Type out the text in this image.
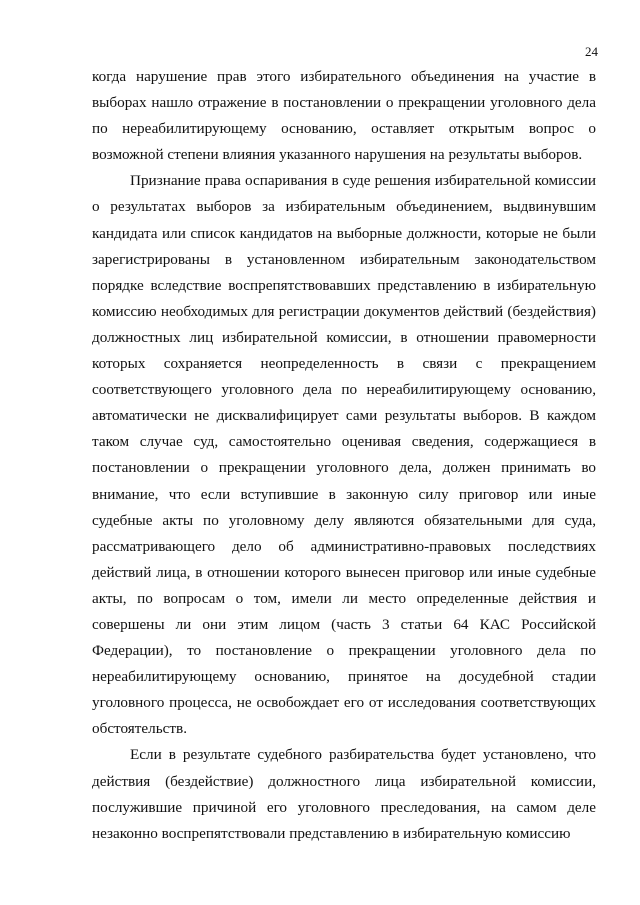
24

когда нарушение прав этого избирательного объединения на участие в выборах нашло отражение в постановлении о прекращении уголовного дела по нереабилитирующему основанию, оставляет открытым вопрос о возможной степени влияния указанного нарушения на результаты выборов.

Признание права оспаривания в суде решения избирательной комиссии о результатах выборов за избирательным объединением, выдвинувшим кандидата или список кандидатов на выборные должности, которые не были зарегистрированы в установленном избирательным законодательством порядке вследствие воспрепятствовавших представлению в избирательную комиссию необходимых для регистрации документов действий (бездействия) должностных лиц избирательной комиссии, в отношении правомерности которых сохраняется неопределенность в связи с прекращением соответствующего уголовного дела по нереабилитирующему основанию, автоматически не дисквалифицирует сами результаты выборов. В каждом таком случае суд, самостоятельно оценивая сведения, содержащиеся в постановлении о прекращении уголовного дела, должен принимать во внимание, что если вступившие в законную силу приговор или иные судебные акты по уголовному делу являются обязательными для суда, рассматривающего дело об административно-правовых последствиях действий лица, в отношении которого вынесен приговор или иные судебные акты, по вопросам о том, имели ли место определенные действия и совершены ли они этим лицом (часть 3 статьи 64 КАС Российской Федерации), то постановление о прекращении уголовного дела по нереабилитирующему основанию, принятое на досудебной стадии уголовного процесса, не освобождает его от исследования соответствующих обстоятельств.

Если в результате судебного разбирательства будет установлено, что действия (бездействие) должностного лица избирательной комиссии, послужившие причиной его уголовного преследования, на самом деле незаконно воспрепятствовали представлению в избирательную комиссию
